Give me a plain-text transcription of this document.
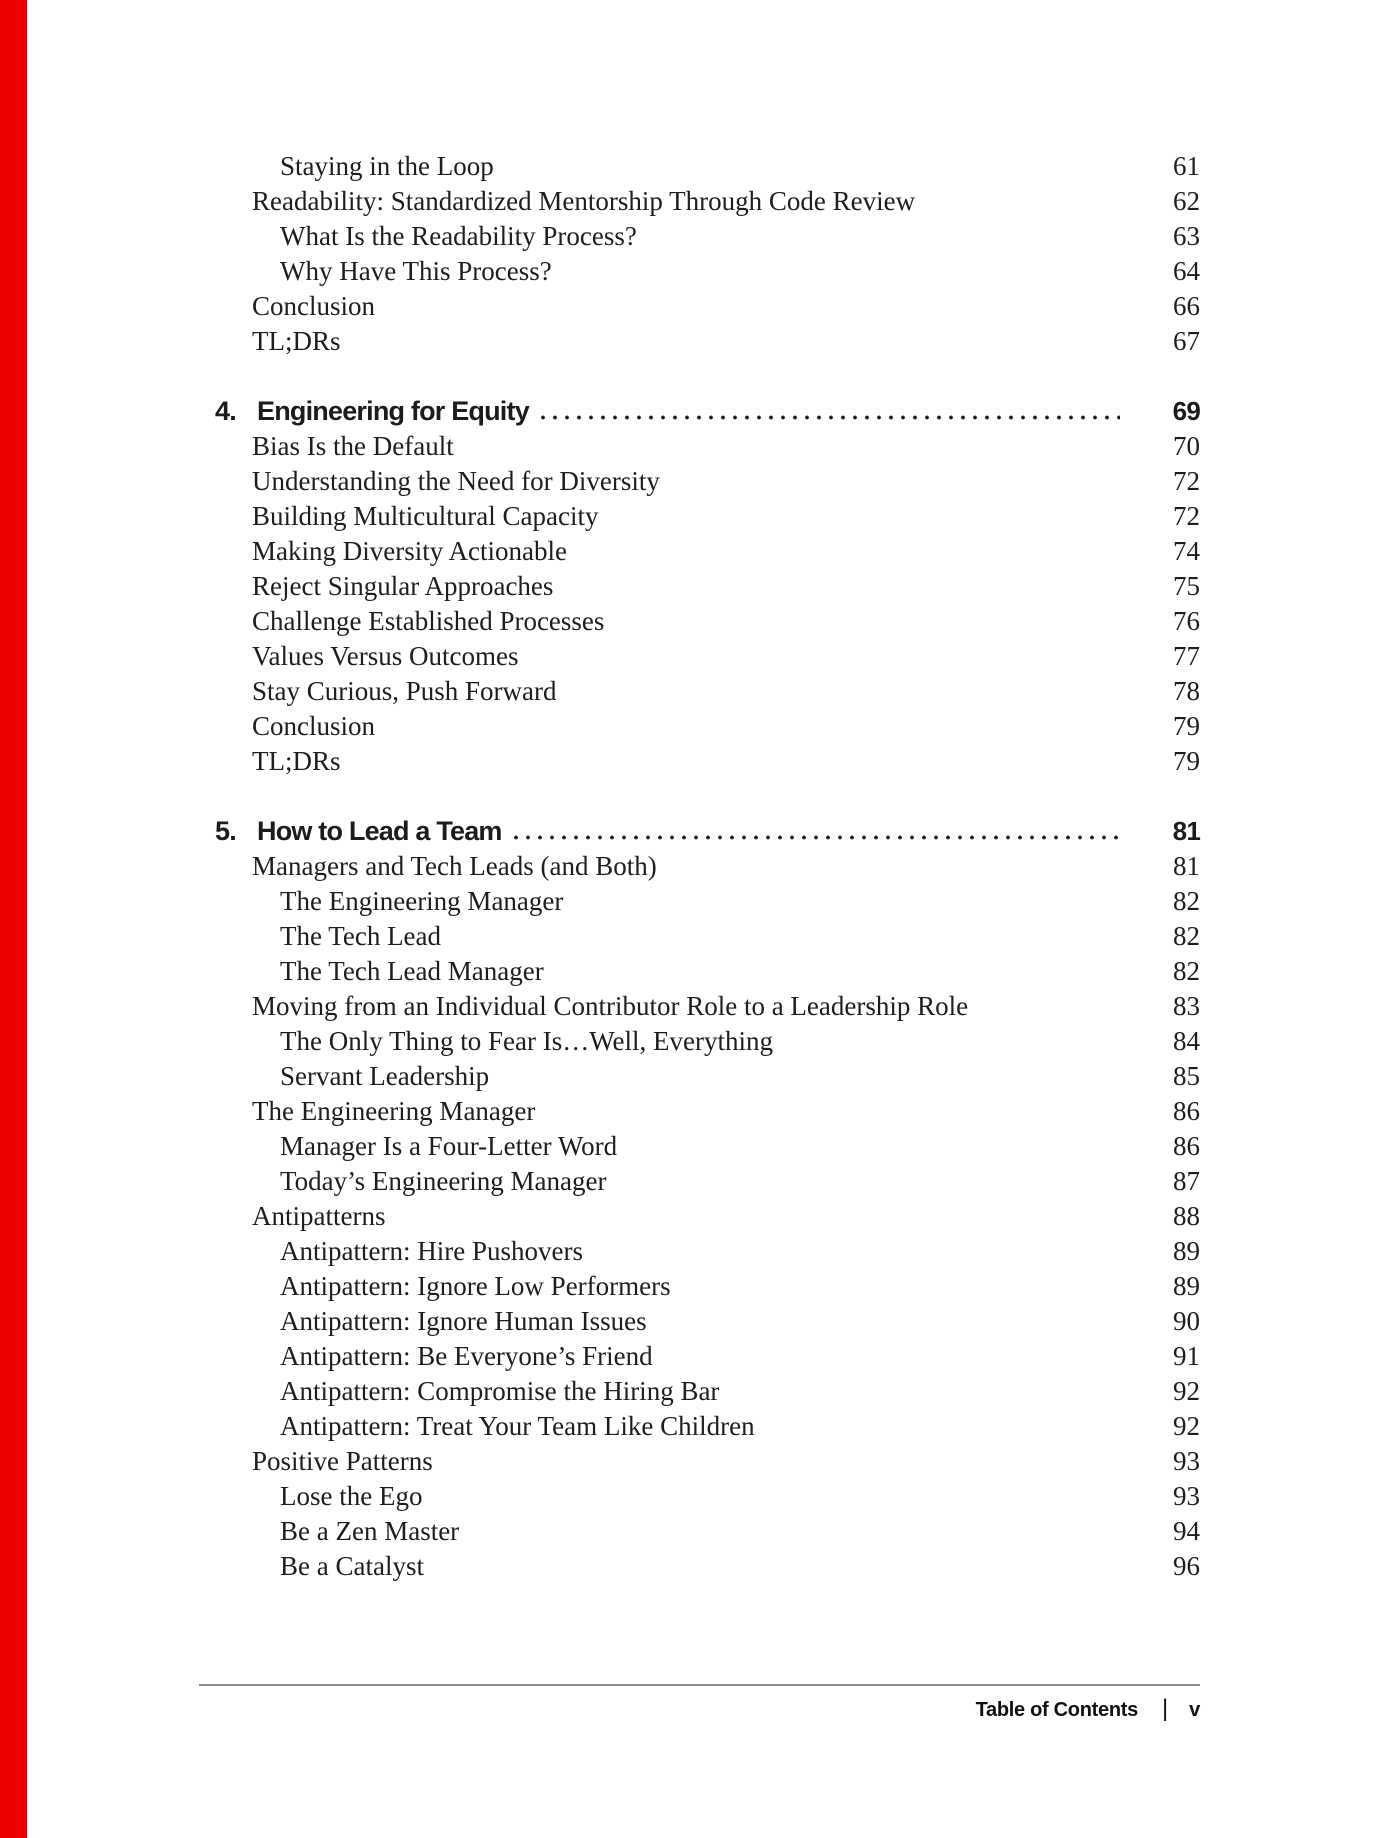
Staying in the Loop	61
Readability: Standardized Mentorship Through Code Review	62
What Is the Readability Process?	63
Why Have This Process?	64
Conclusion	66
TL;DRs	67
4. Engineering for Equity	69
Bias Is the Default	70
Understanding the Need for Diversity	72
Building Multicultural Capacity	72
Making Diversity Actionable	74
Reject Singular Approaches	75
Challenge Established Processes	76
Values Versus Outcomes	77
Stay Curious, Push Forward	78
Conclusion	79
TL;DRs	79
5. How to Lead a Team	81
Managers and Tech Leads (and Both)	81
The Engineering Manager	82
The Tech Lead	82
The Tech Lead Manager	82
Moving from an Individual Contributor Role to a Leadership Role	83
The Only Thing to Fear Is…Well, Everything	84
Servant Leadership	85
The Engineering Manager	86
Manager Is a Four-Letter Word	86
Today’s Engineering Manager	87
Antipatterns	88
Antipattern: Hire Pushovers	89
Antipattern: Ignore Low Performers	89
Antipattern: Ignore Human Issues	90
Antipattern: Be Everyone’s Friend	91
Antipattern: Compromise the Hiring Bar	92
Antipattern: Treat Your Team Like Children	92
Positive Patterns	93
Lose the Ego	93
Be a Zen Master	94
Be a Catalyst	96
Table of Contents | v
